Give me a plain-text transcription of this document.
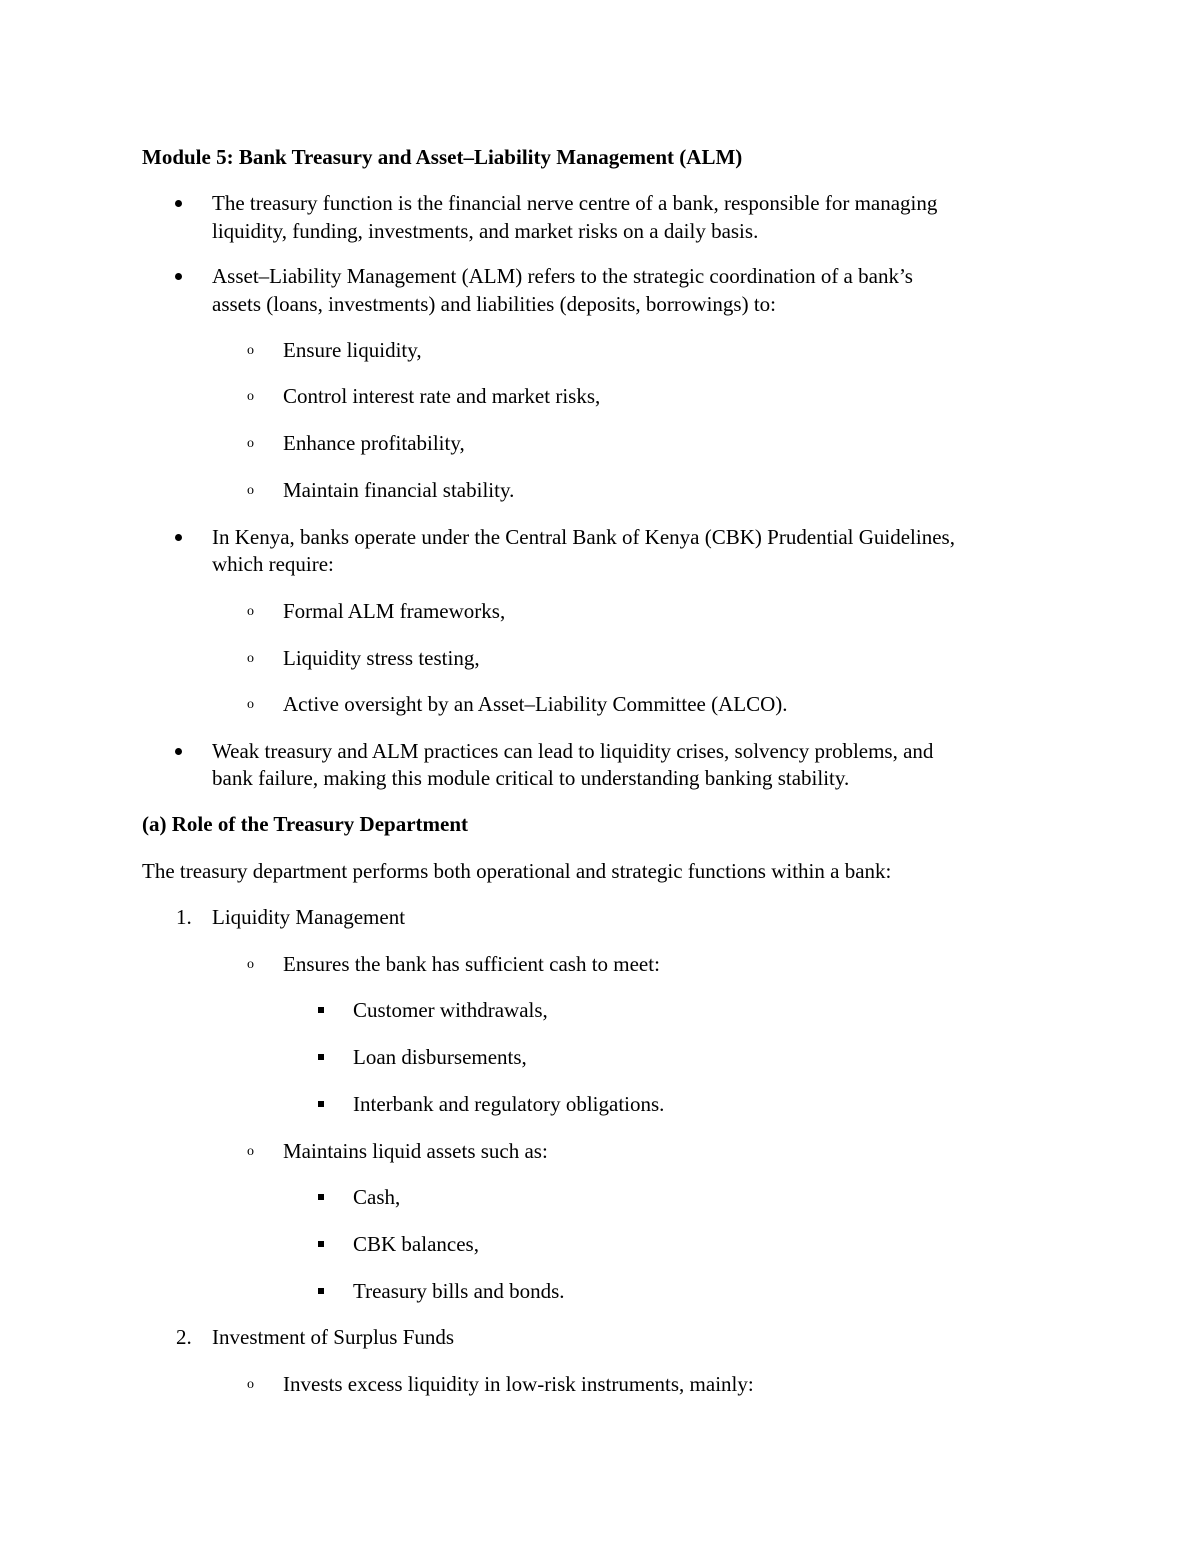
Module 5: Bank Treasury and Asset–Liability Management (ALM)
The treasury function is the financial nerve centre of a bank, responsible for managing
liquidity, funding, investments, and market risks on a daily basis.
Asset–Liability Management (ALM) refers to the strategic coordination of a bank’s
assets (loans, investments) and liabilities (deposits, borrowings) to:
o Ensure liquidity,
o Control interest rate and market risks,
o Enhance profitability,
o Maintain financial stability.
In Kenya, banks operate under the Central Bank of Kenya (CBK) Prudential Guidelines,
which require:
o Formal ALM frameworks,
o Liquidity stress testing,
o Active oversight by an Asset–Liability Committee (ALCO).
Weak treasury and ALM practices can lead to liquidity crises, solvency problems, and
bank failure, making this module critical to understanding banking stability.
(a) Role of the Treasury Department
The treasury department performs both operational and strategic functions within a bank:
1. Liquidity Management
o Ensures the bank has sufficient cash to meet:
Customer withdrawals,
Loan disbursements,
Interbank and regulatory obligations.
o Maintains liquid assets such as:
Cash,
CBK balances,
Treasury bills and bonds.
2. Investment of Surplus Funds
o Invests excess liquidity in low-risk instruments, mainly:
